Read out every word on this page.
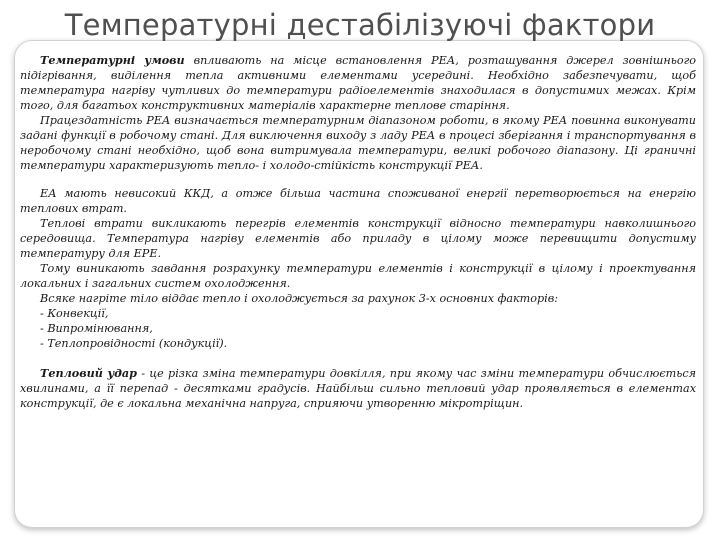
Температурні дестабілізуючі фактори

Температурні умови впливають на місце встановлення РЕА, розташування джерел зовнішнього підігрівання, виділення тепла активними елементами усередині. Необхідно забезпечувати, щоб температура нагріву чутливих до температури радіоелементів знаходилася в допустимих межах. Крім того, для багатьох конструктивних матеріалів характерне теплове старіння.

Працездатність РЕА визначається температурним діапазоном роботи, в якому РЕА повинна виконувати задані функції в робочому стані. Для виключення виходу з ладу РЕА в процесі зберігання і транспортування в неробочому стані необхідно, щоб вона витримувала температури, великі робочого діапазону. Ці граничні температури характеризують тепло- і холодо-стійкість конструкції РЕА.

ЕА мають невисокий ККД, а отже більша частина споживаної енергії перетворюється на енергію теплових втрат.

Теплові втрати викликають перегрів елементів конструкції відносно температури навколишнього середовища. Температура нагріву елементів або приладу в цілому може перевищити допустиму температуру для ЕРЕ.

Тому виникають завдання розрахунку температури елементів і конструкції в цілому і проектування локальних і загальних систем охолодження.

Всяке нагріте тіло віддає тепло і охолоджується за рахунок 3-х основних факторів:

- Конвекції,

- Випромінювання,

- Теплопровідності (кондукції).

Тепловий удар - це різка зміна температури довкілля, при якому час зміни температури обчислюється хвилинами, а її перепад - десятками градусів. Найбільш сильно тепловий удар проявляється в елементах конструкції, де є локальна механічна напруга, сприяючи утворенню мікротріщин.
